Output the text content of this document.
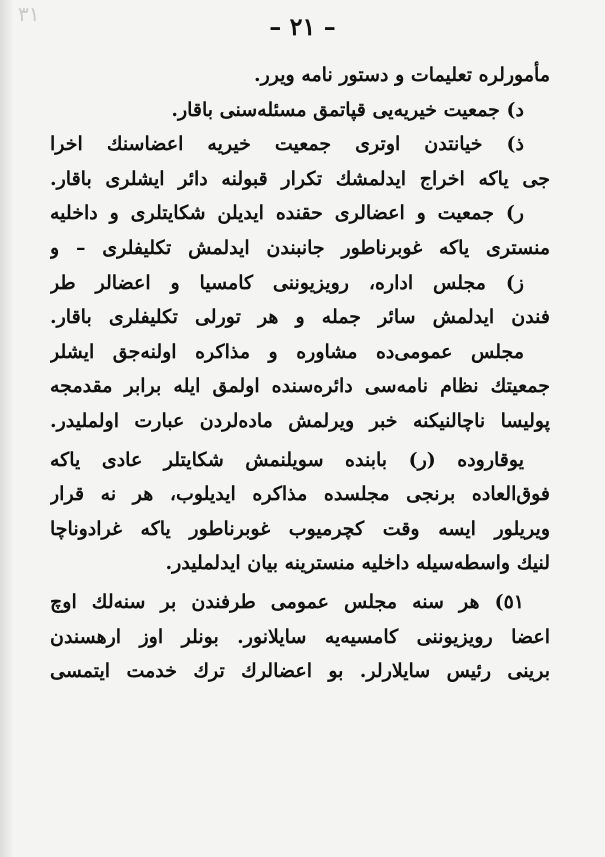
٣١	– ٢١ –
مأمورلره تعليمات و دستور نامه ويرر.
د) جمعيت خيريه‌يى قپاتمق مسئله‌سنى باقار.
ذ) خيانتدن اوترى جمعيت خيريه اعضاسنك اخرا
جى ياكه اخراج ايدلمشك تكرار قبولنه دائر ايشلرى باقار.
ر) جمعيت و اعضالرى حقنده ايديلن شكايتلرى و داخليه
منسترى ياكه غوبرناطور جانبندن ايدلمش تكليفلرى – و
ز) مجلس اداره، رويزيوننى كامسيا و اعضالر طر
فندن ايدلمش سائر جمله و هر تورلى تكليفلرى باقار.
مجلس عمومى‌ده مشاوره و مذاكره اولنه‌جق ايشلر
جمعيتك نظام نامه‌سى دائره‌سنده اولمق ايله برابر مقدمجه
پوليسا ناچالنيكنه خبر ويرلمش ماده‌لردن عبارت اولمليدر.
يوقاروده (ر) بابنده سويلنمش شكايتلر عادى ياكه
فوق‌العاده برنجى مجلسده مذاكره ايديلوب، هر نه قرار
ويريلور ايسه وقت كچرميوب غوبرناطور ياكه غرادوناچا
لنيك واسطه‌سيله داخليه منسترينه بيان ايدلمليدر.
٥١) هر سنه مجلس عمومى طرفندن بر سنه‌لك اوچ
اعضا رويزيوننى كامسيه‌يه سايلانور. بونلر اوز ارهسندن
برينى رئيس سايلارلر. بو اعضالرك ترك خدمت ايتمسى
